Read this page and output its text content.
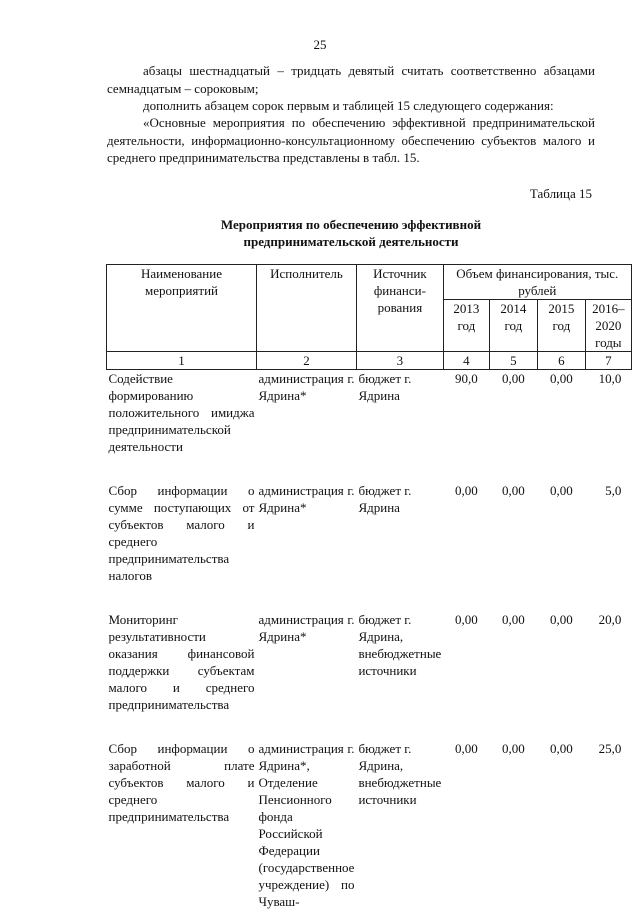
25

абзацы шестнадцатый – тридцать девятый считать соответственно абзацами семнадцатым – сороковым;

дополнить абзацем сорок первым и таблицей 15 следующего содержания:

«Основные мероприятия по обеспечению эффективной предпринимательской деятельности, информационно-консультационному обеспечению субъектов малого и среднего предпринимательства представлены в табл. 15.

Таблица 15
Мероприятия по обеспечению эффективной
предпринимательской деятельности
Наименование мероприятий	Исполнитель	Источник финанси-рования	Объем финансирования, тыс. рублей			
			2013 год	2014 год	2015 год	2016–2020 годы
1	2	3	4	5	6	7
Содействие формированию положительного имиджа предпринимательской деятельности	администрация г. Ядрина*	бюджет г. Ядрина	90,0	0,00	0,00	10,0

Сбор информации о сумме поступающих от субъектов малого и среднего предпринимательства налогов	администрация г. Ядрина*	бюджет г. Ядрина	0,00	0,00	0,00	5,0

Мониторинг результативности оказания финансовой поддержки субъектам малого и среднего предпринимательства	администрация г. Ядрина*	бюджет г. Ядрина, внебюджетные источники	0,00	0,00	0,00	20,0

Сбор информации о заработной плате субъектов малого и среднего предпринимательства	администрация г. Ядрина*, Отделение Пенсионного фонда Российской Федерации (государственное учреждение) по Чуваш-	бюджет г. Ядрина, внебюджетные источники	0,00	0,00	0,00	25,0
